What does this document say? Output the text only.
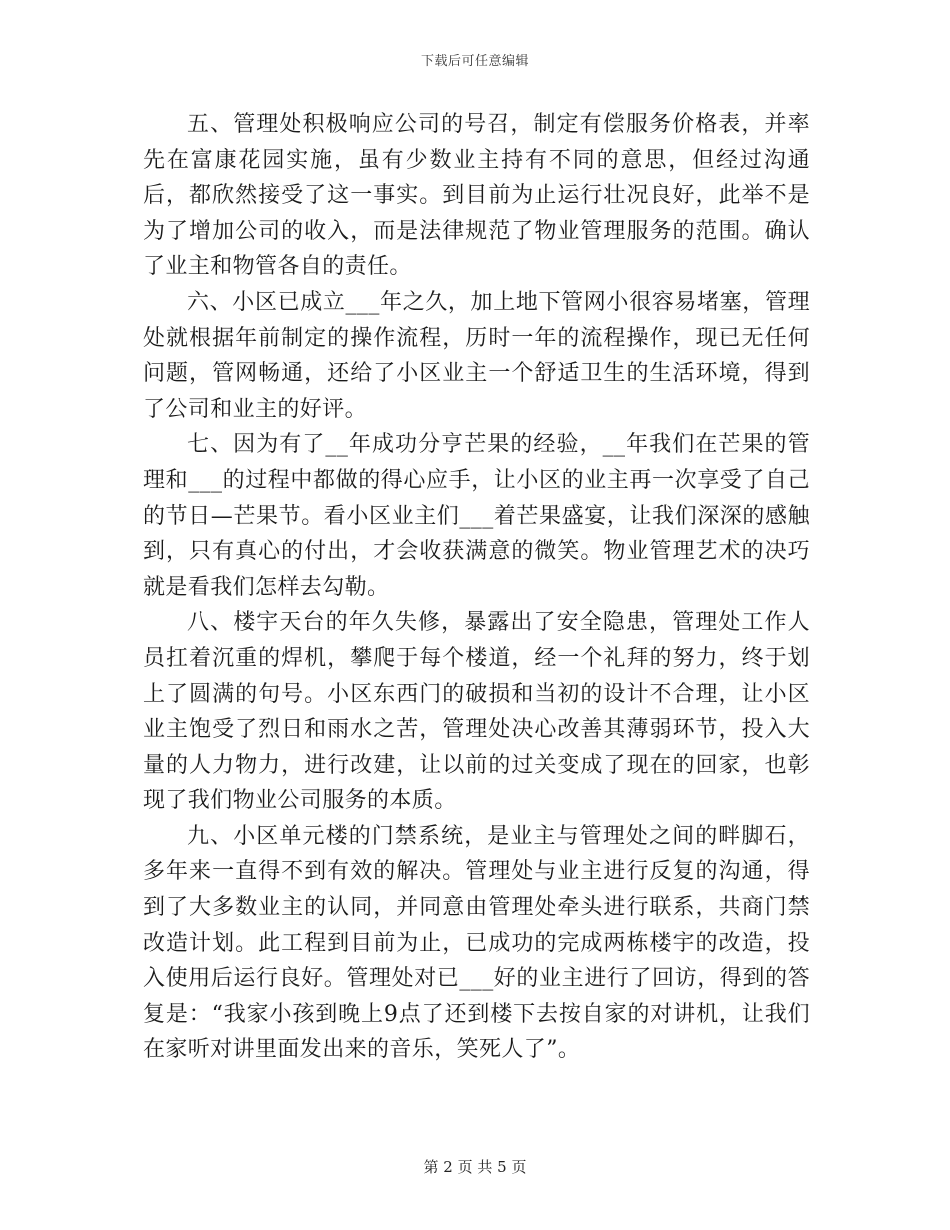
下载后可任意编辑

五、管理处积极响应公司的号召，制定有偿服务价格表，并率先在富康花园实施，虽有少数业主持有不同的意思，但经过沟通后，都欣然接受了这一事实。到目前为止运行壮况良好，此举不是为了增加公司的收入，而是法律规范了物业管理服务的范围。确认了业主和物管各自的责任。

六、小区已成立___年之久，加上地下管网小很容易堵塞，管理处就根据年前制定的操作流程，历时一年的流程操作，现已无任何问题，管网畅通，还给了小区业主一个舒适卫生的生活环境，得到了公司和业主的好评。

七、因为有了__年成功分亨芒果的经验，__年我们在芒果的管理和___的过程中都做的得心应手，让小区的业主再一次享受了自己的节日—芒果节。看小区业主们___着芒果盛宴，让我们深深的感触到，只有真心的付出，才会收获满意的微笑。物业管理艺术的决巧就是看我们怎样去勾勒。

八、楼宇天台的年久失修，暴露出了安全隐患，管理处工作人员扛着沉重的焊机，攀爬于每个楼道，经一个礼拜的努力，终于划上了圆满的句号。小区东西门的破损和当初的设计不合理，让小区业主饱受了烈日和雨水之苦，管理处决心改善其薄弱环节，投入大量的人力物力，进行改建，让以前的过关变成了现在的回家，也彰现了我们物业公司服务的本质。

九、小区单元楼的门禁系统，是业主与管理处之间的畔脚石，多年来一直得不到有效的解决。管理处与业主进行反复的沟通，得到了大多数业主的认同，并同意由管理处牵头进行联系，共商门禁改造计划。此工程到目前为止，已成功的完成两栋楼宇的改造，投入使用后运行良好。管理处对已___好的业主进行了回访，得到的答复是：“我家小孩到晚上9点了还到楼下去按自家的对讲机，让我们在家听对讲里面发出来的音乐，笑死人了”。

第 2 页 共 5 页
